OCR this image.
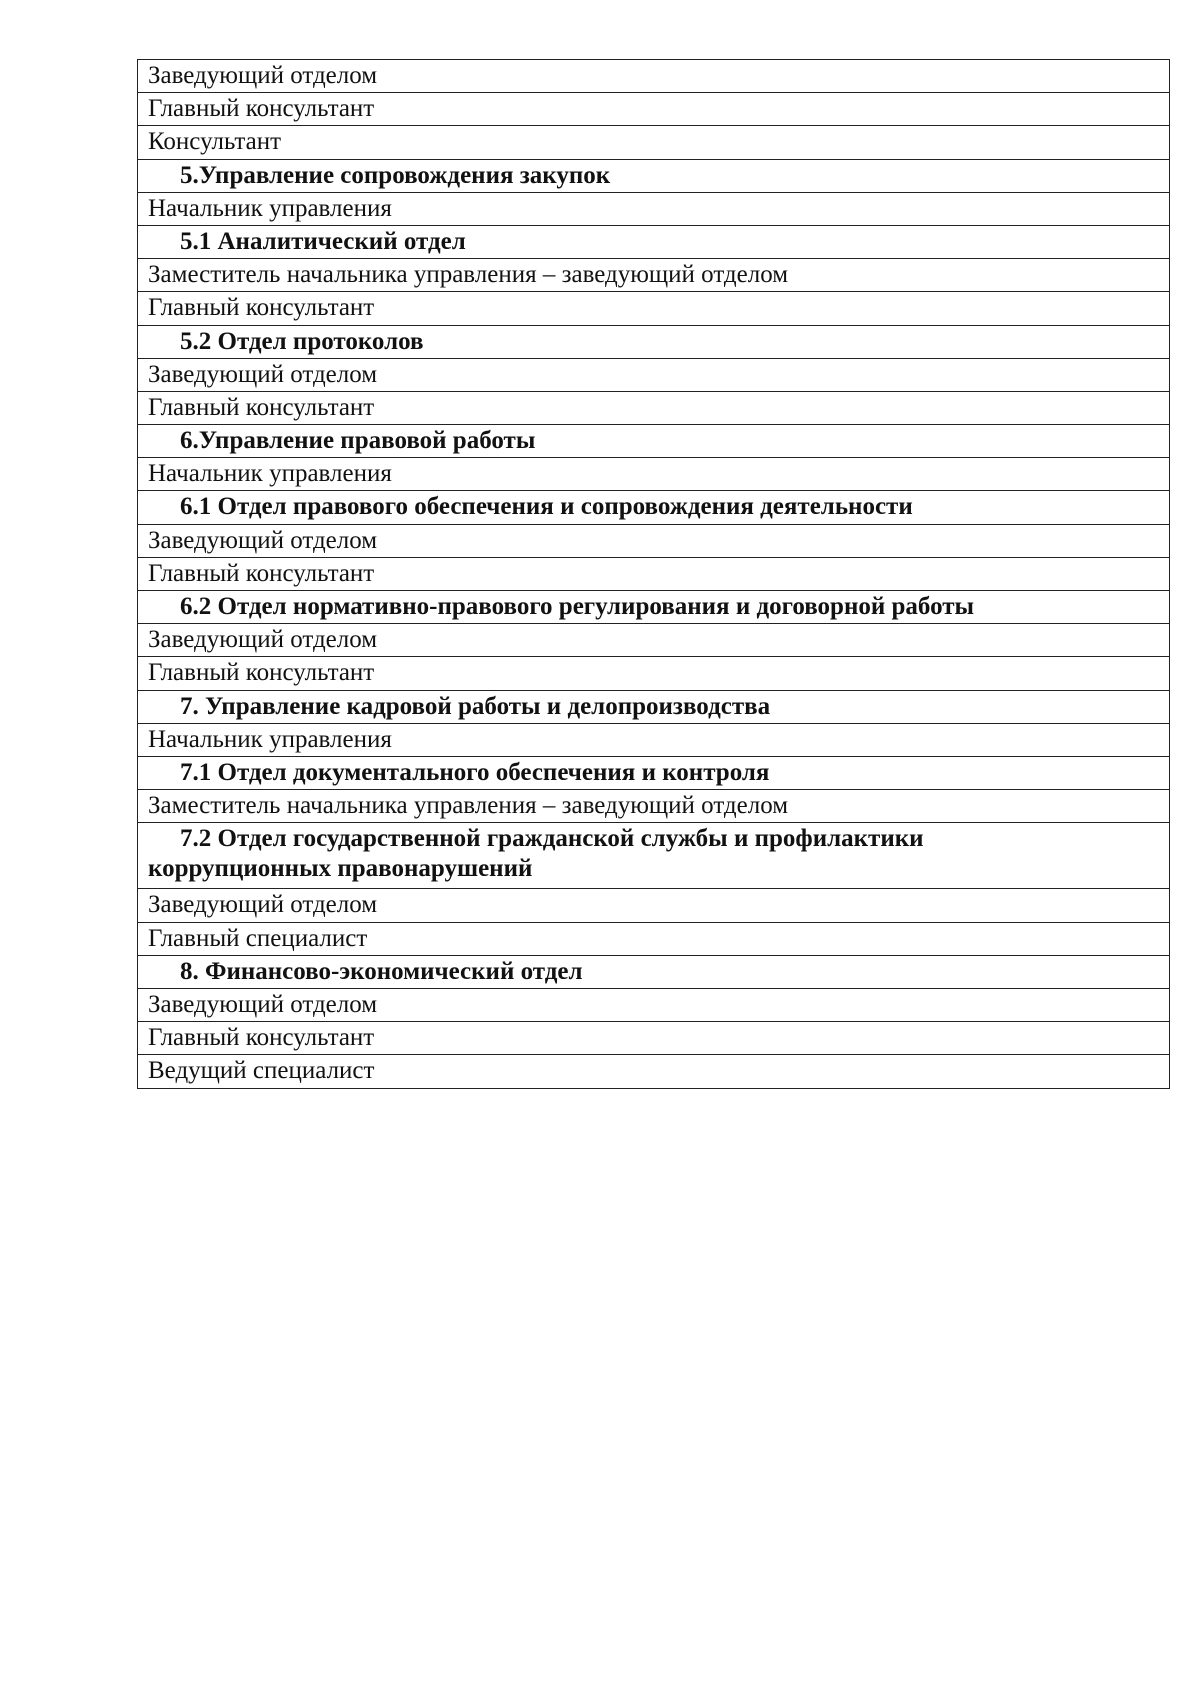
Заведующий отделом
Главный консультант
Консультант
5.Управление сопровождения закупок
Начальник управления
5.1 Аналитический отдел
Заместитель начальника управления – заведующий отделом
Главный консультант
5.2 Отдел протоколов
Заведующий отделом
Главный консультант
6.Управление правовой работы
Начальник управления
6.1 Отдел правового обеспечения и сопровождения деятельности
Заведующий отделом
Главный консультант
6.2 Отдел нормативно-правового регулирования и договорной работы
Заведующий отделом
Главный консультант
7. Управление кадровой работы и делопроизводства
Начальник управления
7.1 Отдел документального обеспечения и контроля
Заместитель начальника управления – заведующий отделом
7.2 Отдел государственной гражданской службы и профилактики
коррупционных правонарушений
Заведующий отделом
Главный специалист
8. Финансово-экономический отдел
Заведующий отделом
Главный консультант
Ведущий специалист
